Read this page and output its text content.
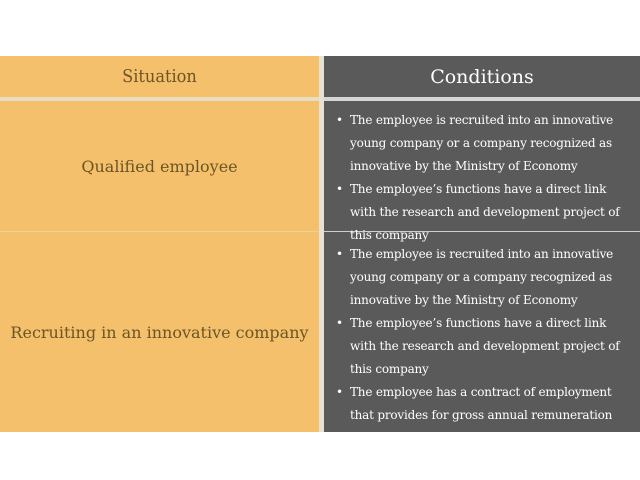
Situation	Conditions
Qualified employee
• The employee is recruited into an innovative young company or a company recognized as innovative by the Ministry of Economy
• The employee’s functions have a direct link with the research and development project of this company
Recruiting in an innovative company
• The employee is recruited into an innovative young company or a company recognized as innovative by the Ministry of Economy
• The employee’s functions have a direct link with the research and development project of this company
• The employee has a contract of employment that provides for gross annual remuneration equal to or greater than €36,946.00
